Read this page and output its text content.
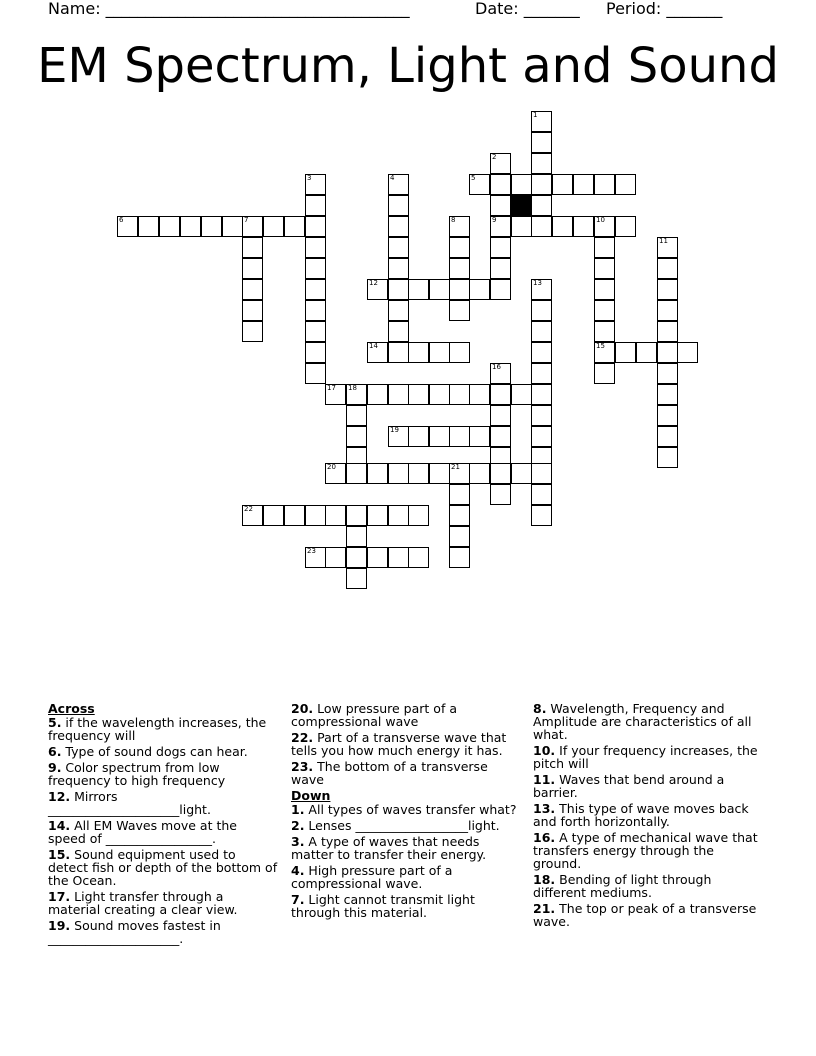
Name: ______________________________________	Date: _______ Period: _______
EM Spectrum, Light and Sound
1
2
3	4	5
6	7	8	9	10
11
12	13
14	15
16
17 18
19
20	21
22
23
Across
5. if the wavelength increases, the frequency will
6. Type of sound dogs can hear.
9. Color spectrum from low frequency to high frequency
12. Mirrors _____________________light.
14. All EM Waves move at the speed of _________________.
15. Sound equipment used to detect fish or depth of the bottom of the Ocean.
17. Light transfer through a material creating a clear view.
19. Sound moves fastest in _____________________.
20. Low pressure part of a compressional wave
22. Part of a transverse wave that tells you how much energy it has.
23. The bottom of a transverse wave
Down
1. All types of waves transfer what?
2. Lenses __________________light.
3. A type of waves that needs matter to transfer their energy.
4. High pressure part of a compressional wave.
7. Light cannot transmit light through this material.
8. Wavelength, Frequency and Amplitude are characteristics of all what.
10. If your frequency increases, the pitch will
11. Waves that bend around a barrier.
13. This type of wave moves back and forth horizontally.
16. A type of mechanical wave that transfers energy through the ground.
18. Bending of light through different mediums.
21. The top or peak of a transverse wave.
